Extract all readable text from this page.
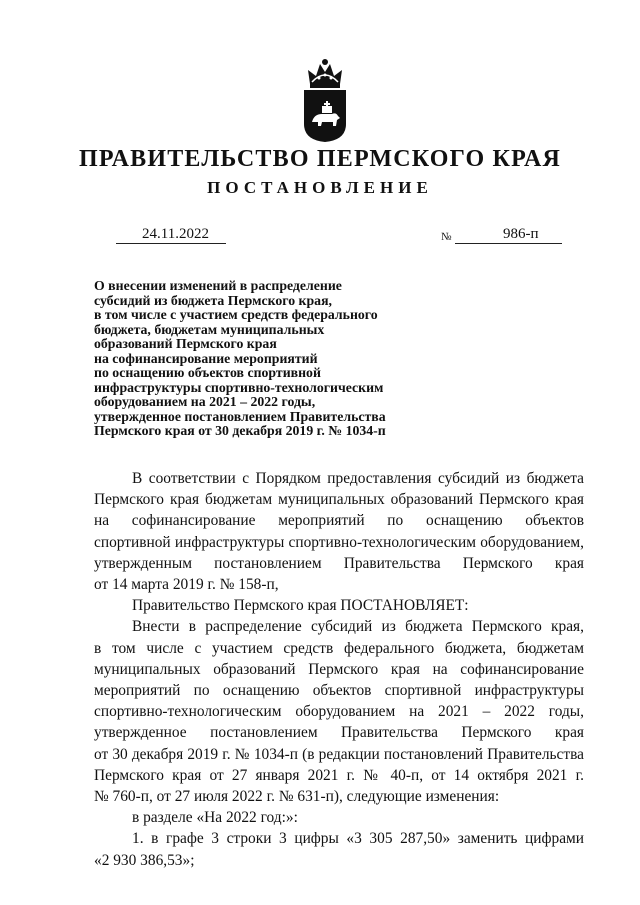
ПРАВИТЕЛЬСТВО ПЕРМСКОГО КРАЯ
ПОСТАНОВЛЕНИЕ
24.11.2022	№	986-п
О внесении изменений в распределение
субсидий из бюджета Пермского края,
в том числе с участием средств федерального
бюджета, бюджетам муниципальных
образований Пермского края
на софинансирование мероприятий
по оснащению объектов спортивной
инфраструктуры спортивно-технологическим
оборудованием на 2021 – 2022 годы,
утвержденное постановлением Правительства
Пермского края от 30 декабря 2019 г. № 1034-п
В соответствии с Порядком предоставления субсидий из бюджета
Пермского края бюджетам муниципальных образований Пермского края
на софинансирование мероприятий по оснащению объектов
спортивной инфраструктуры спортивно-технологическим оборудованием,
утвержденным постановлением Правительства Пермского края
от 14 марта 2019 г. № 158-п,
Правительство Пермского края ПОСТАНОВЛЯЕТ:
Внести в распределение субсидий из бюджета Пермского края,
в том числе с участием средств федерального бюджета, бюджетам
муниципальных образований Пермского края на софинансирование
мероприятий по оснащению объектов спортивной инфраструктуры
спортивно-технологическим оборудованием на 2021 – 2022 годы,
утвержденное постановлением Правительства Пермского края
от 30 декабря 2019 г. № 1034-п (в редакции постановлений Правительства
Пермского края от 27 января 2021 г. № 40-п, от 14 октября 2021 г.
№ 760-п, от 27 июля 2022 г. № 631-п), следующие изменения:
в разделе «На 2022 год:»:
1. в графе 3 строки 3 цифры «3 305 287,50» заменить цифрами
«2 930 386,53»;
